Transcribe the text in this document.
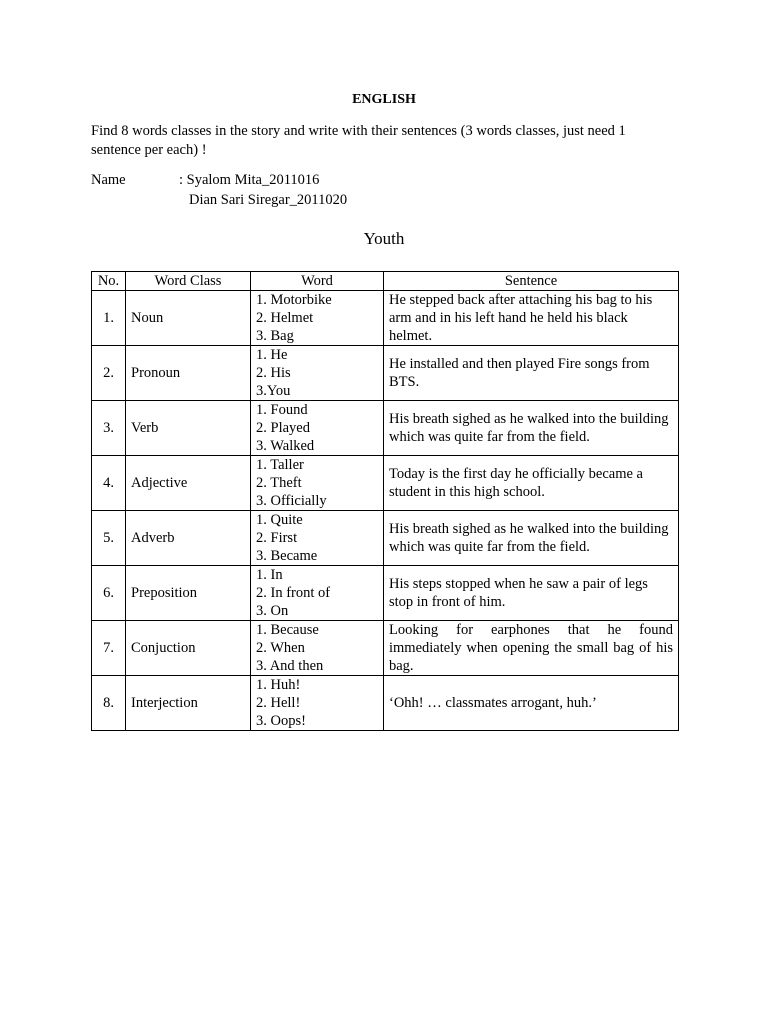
ENGLISH
Find 8 words classes in the story and write with their sentences (3 words classes, just need 1 sentence per each) !
Name	: Syalom Mita_2011016
Dian Sari Siregar_2011020
Youth
No.	Word Class	Word	Sentence
1.	Noun	1. Motorbike
2. Helmet
3. Bag	He stepped back after attaching his bag to his arm and in his left hand he held his black helmet.
2.	Pronoun	1. He
2. His
3.You	He installed and then played Fire songs from BTS.
3.	Verb	1. Found
2. Played
3. Walked	His breath sighed as he walked into the building which was quite far from the field.
4.	Adjective	1. Taller
2. Theft
3. Officially	Today is the first day he officially became a student in this high school.
5.	Adverb	1. Quite
2. First
3. Became	His breath sighed as he walked into the building which was quite far from the field.
6.	Preposition	1. In
2. In front of
3. On	His steps stopped when he saw a pair of legs stop in front of him.
7.	Conjuction	1. Because
2. When
3. And then	Looking for earphones that he found immediately when opening the small bag of his bag.
8.	Interjection	1. Huh!
2. Hell!
3. Oops!	‘Ohh! … classmates arrogant, huh.’
